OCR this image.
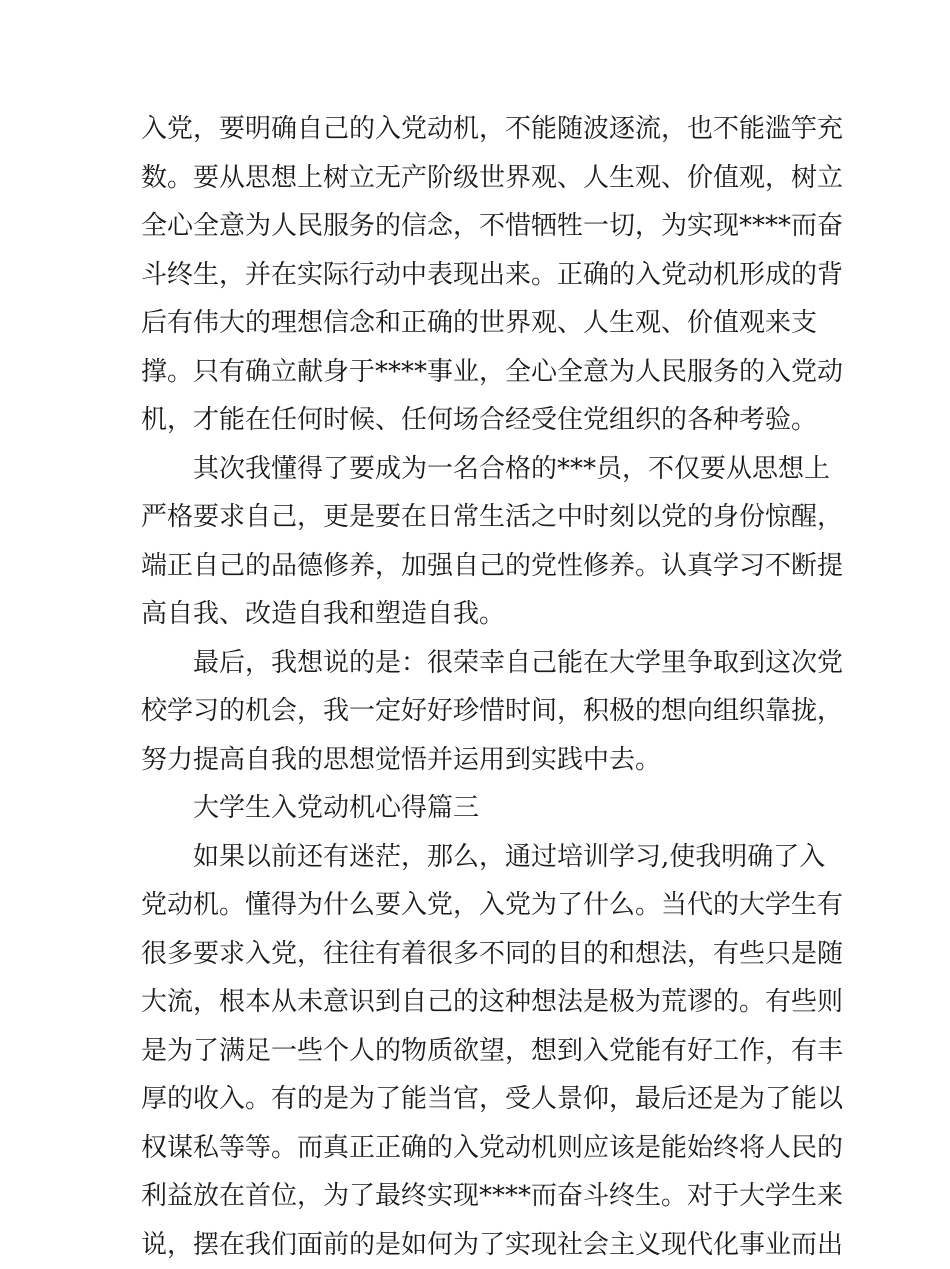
入党，要明确自己的入党动机，不能随波逐流，也不能滥竽充
数。要从思想上树立无产阶级世界观、人生观、价值观，树立
全心全意为人民服务的信念，不惜牺牲一切，为实现****而奋
斗终生，并在实际行动中表现出来。正确的入党动机形成的背
后有伟大的理想信念和正确的世界观、人生观、价值观来支
撑。只有确立献身于****事业，全心全意为人民服务的入党动
机，才能在任何时候、任何场合经受住党组织的各种考验。
其次我懂得了要成为一名合格的***员，不仅要从思想上
严格要求自己，更是要在日常生活之中时刻以党的身份惊醒，
端正自己的品德修养，加强自己的党性修养。认真学习不断提
高自我、改造自我和塑造自我。
最后，我想说的是：很荣幸自己能在大学里争取到这次党
校学习的机会，我一定好好珍惜时间，积极的想向组织靠拢，
努力提高自我的思想觉悟并运用到实践中去。
大学生入党动机心得篇三
如果以前还有迷茫，那么，通过培训学习,使我明确了入
党动机。懂得为什么要入党，入党为了什么。当代的大学生有
很多要求入党，往往有着很多不同的目的和想法，有些只是随
大流，根本从未意识到自己的这种想法是极为荒谬的。有些则
是为了满足一些个人的物质欲望，想到入党能有好工作，有丰
厚的收入。有的是为了能当官，受人景仰，最后还是为了能以
权谋私等等。而真正正确的入党动机则应该是能始终将人民的
利益放在首位，为了最终实现****而奋斗终生。对于大学生来
说，摆在我们面前的是如何为了实现社会主义现代化事业而出
